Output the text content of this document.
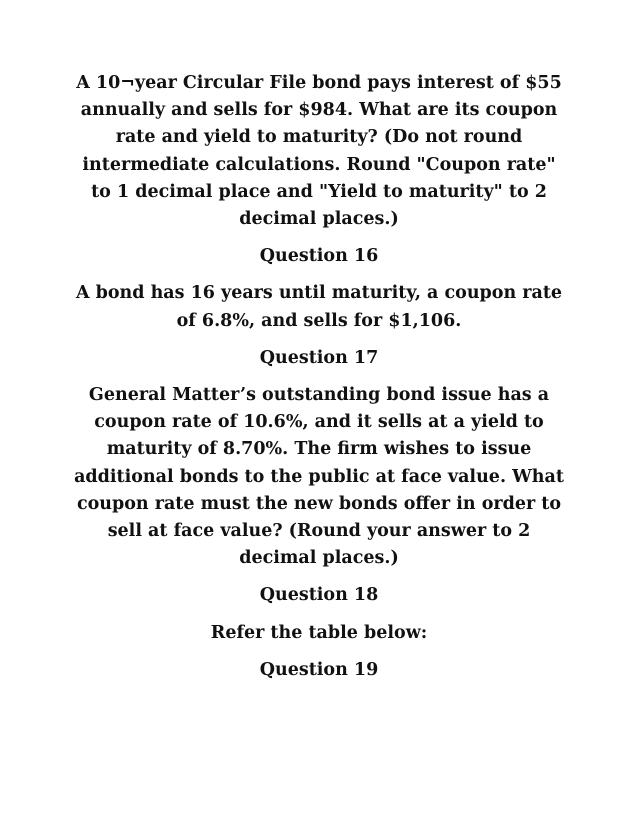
A 10¬year Circular File bond pays interest of $55 annually and sells for $984. What are its coupon rate and yield to maturity? (Do not round intermediate calculations. Round "Coupon rate" to 1 decimal place and "Yield to maturity" to 2 decimal places.)

Question 16

A bond has 16 years until maturity, a coupon rate of 6.8%, and sells for $1,106.

Question 17

General Matter’s outstanding bond issue has a coupon rate of 10.6%, and it sells at a yield to maturity of 8.70%. The firm wishes to issue additional bonds to the public at face value. What coupon rate must the new bonds offer in order to sell at face value? (Round your answer to 2 decimal places.)

Question 18

Refer the table below:

Question 19
